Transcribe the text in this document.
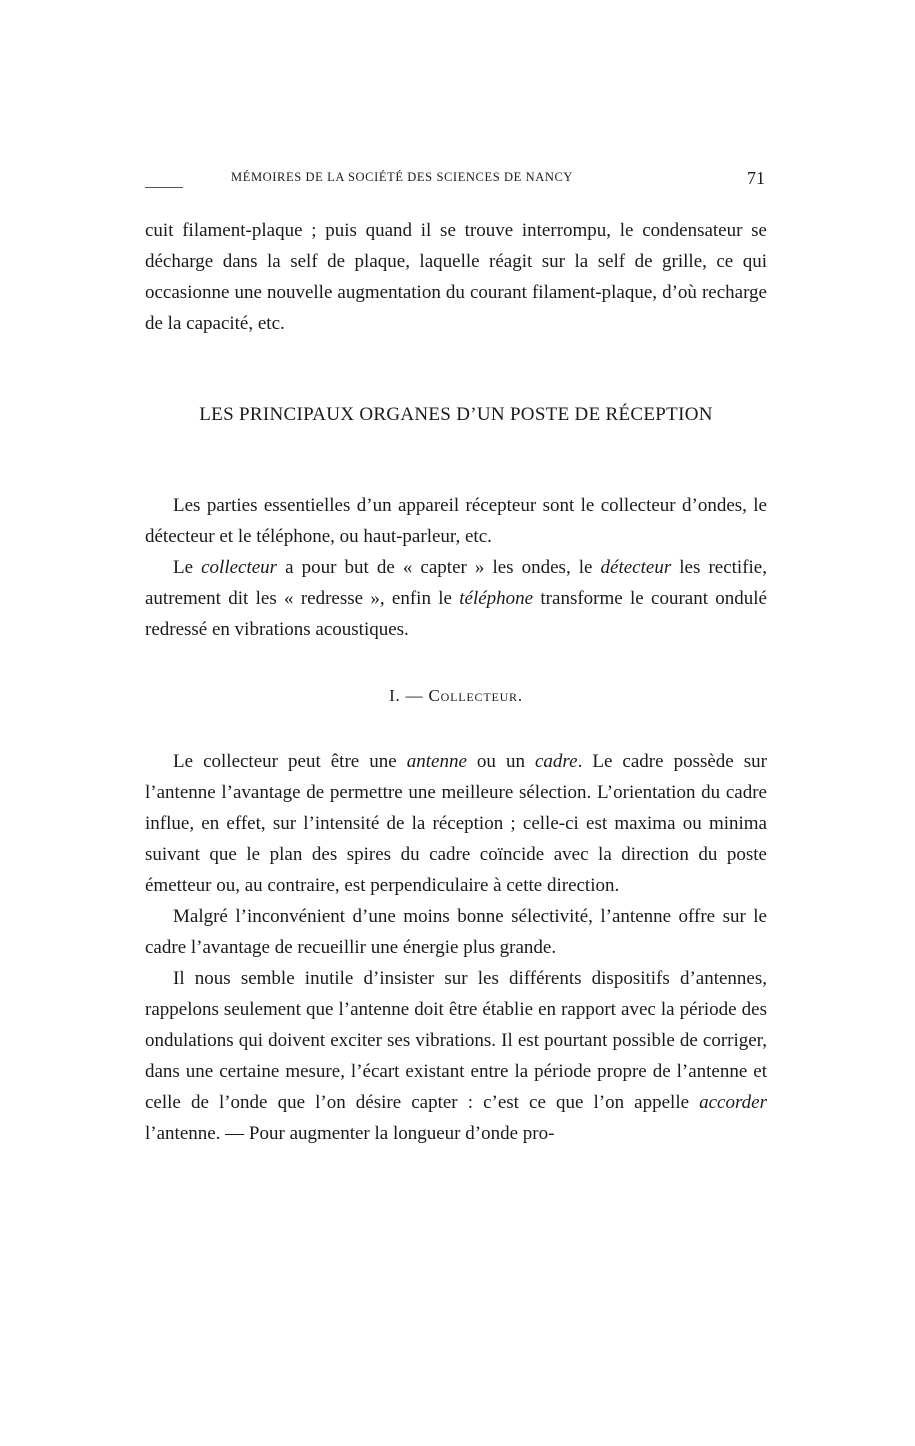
MÉMOIRES DE LA SOCIÉTÉ DES SCIENCES DE NANCY	71

cuit filament-plaque ; puis quand il se trouve interrompu, le condensateur se décharge dans la self de plaque, laquelle réagit sur la self de grille, ce qui occasionne une nouvelle augmentation du courant filament-plaque, d’où recharge de la capacité, etc.

LES PRINCIPAUX ORGANES D’UN POSTE DE RÉCEPTION

Les parties essentielles d’un appareil récepteur sont le collecteur d’ondes, le détecteur et le téléphone, ou haut-parleur, etc.

Le collecteur a pour but de « capter » les ondes, le détecteur les rectifie, autrement dit les « redresse », enfin le téléphone transforme le courant ondulé redressé en vibrations acoustiques.

I. — Collecteur.

Le collecteur peut être une antenne ou un cadre. Le cadre possède sur l’antenne l’avantage de permettre une meilleure sélection. L’orientation du cadre influe, en effet, sur l’intensité de la réception ; celle-ci est maxima ou minima suivant que le plan des spires du cadre coïncide avec la direction du poste émetteur ou, au contraire, est perpendiculaire à cette direction.

Malgré l’inconvénient d’une moins bonne sélectivité, l’antenne offre sur le cadre l’avantage de recueillir une énergie plus grande.

Il nous semble inutile d’insister sur les différents dispositifs d’antennes, rappelons seulement que l’antenne doit être établie en rapport avec la période des ondulations qui doivent exciter ses vibrations. Il est pourtant possible de corriger, dans une certaine mesure, l’écart existant entre la période propre de l’antenne et celle de l’onde que l’on désire capter : c’est ce que l’on appelle accorder l’antenne. — Pour augmenter la longueur d’onde pro-
